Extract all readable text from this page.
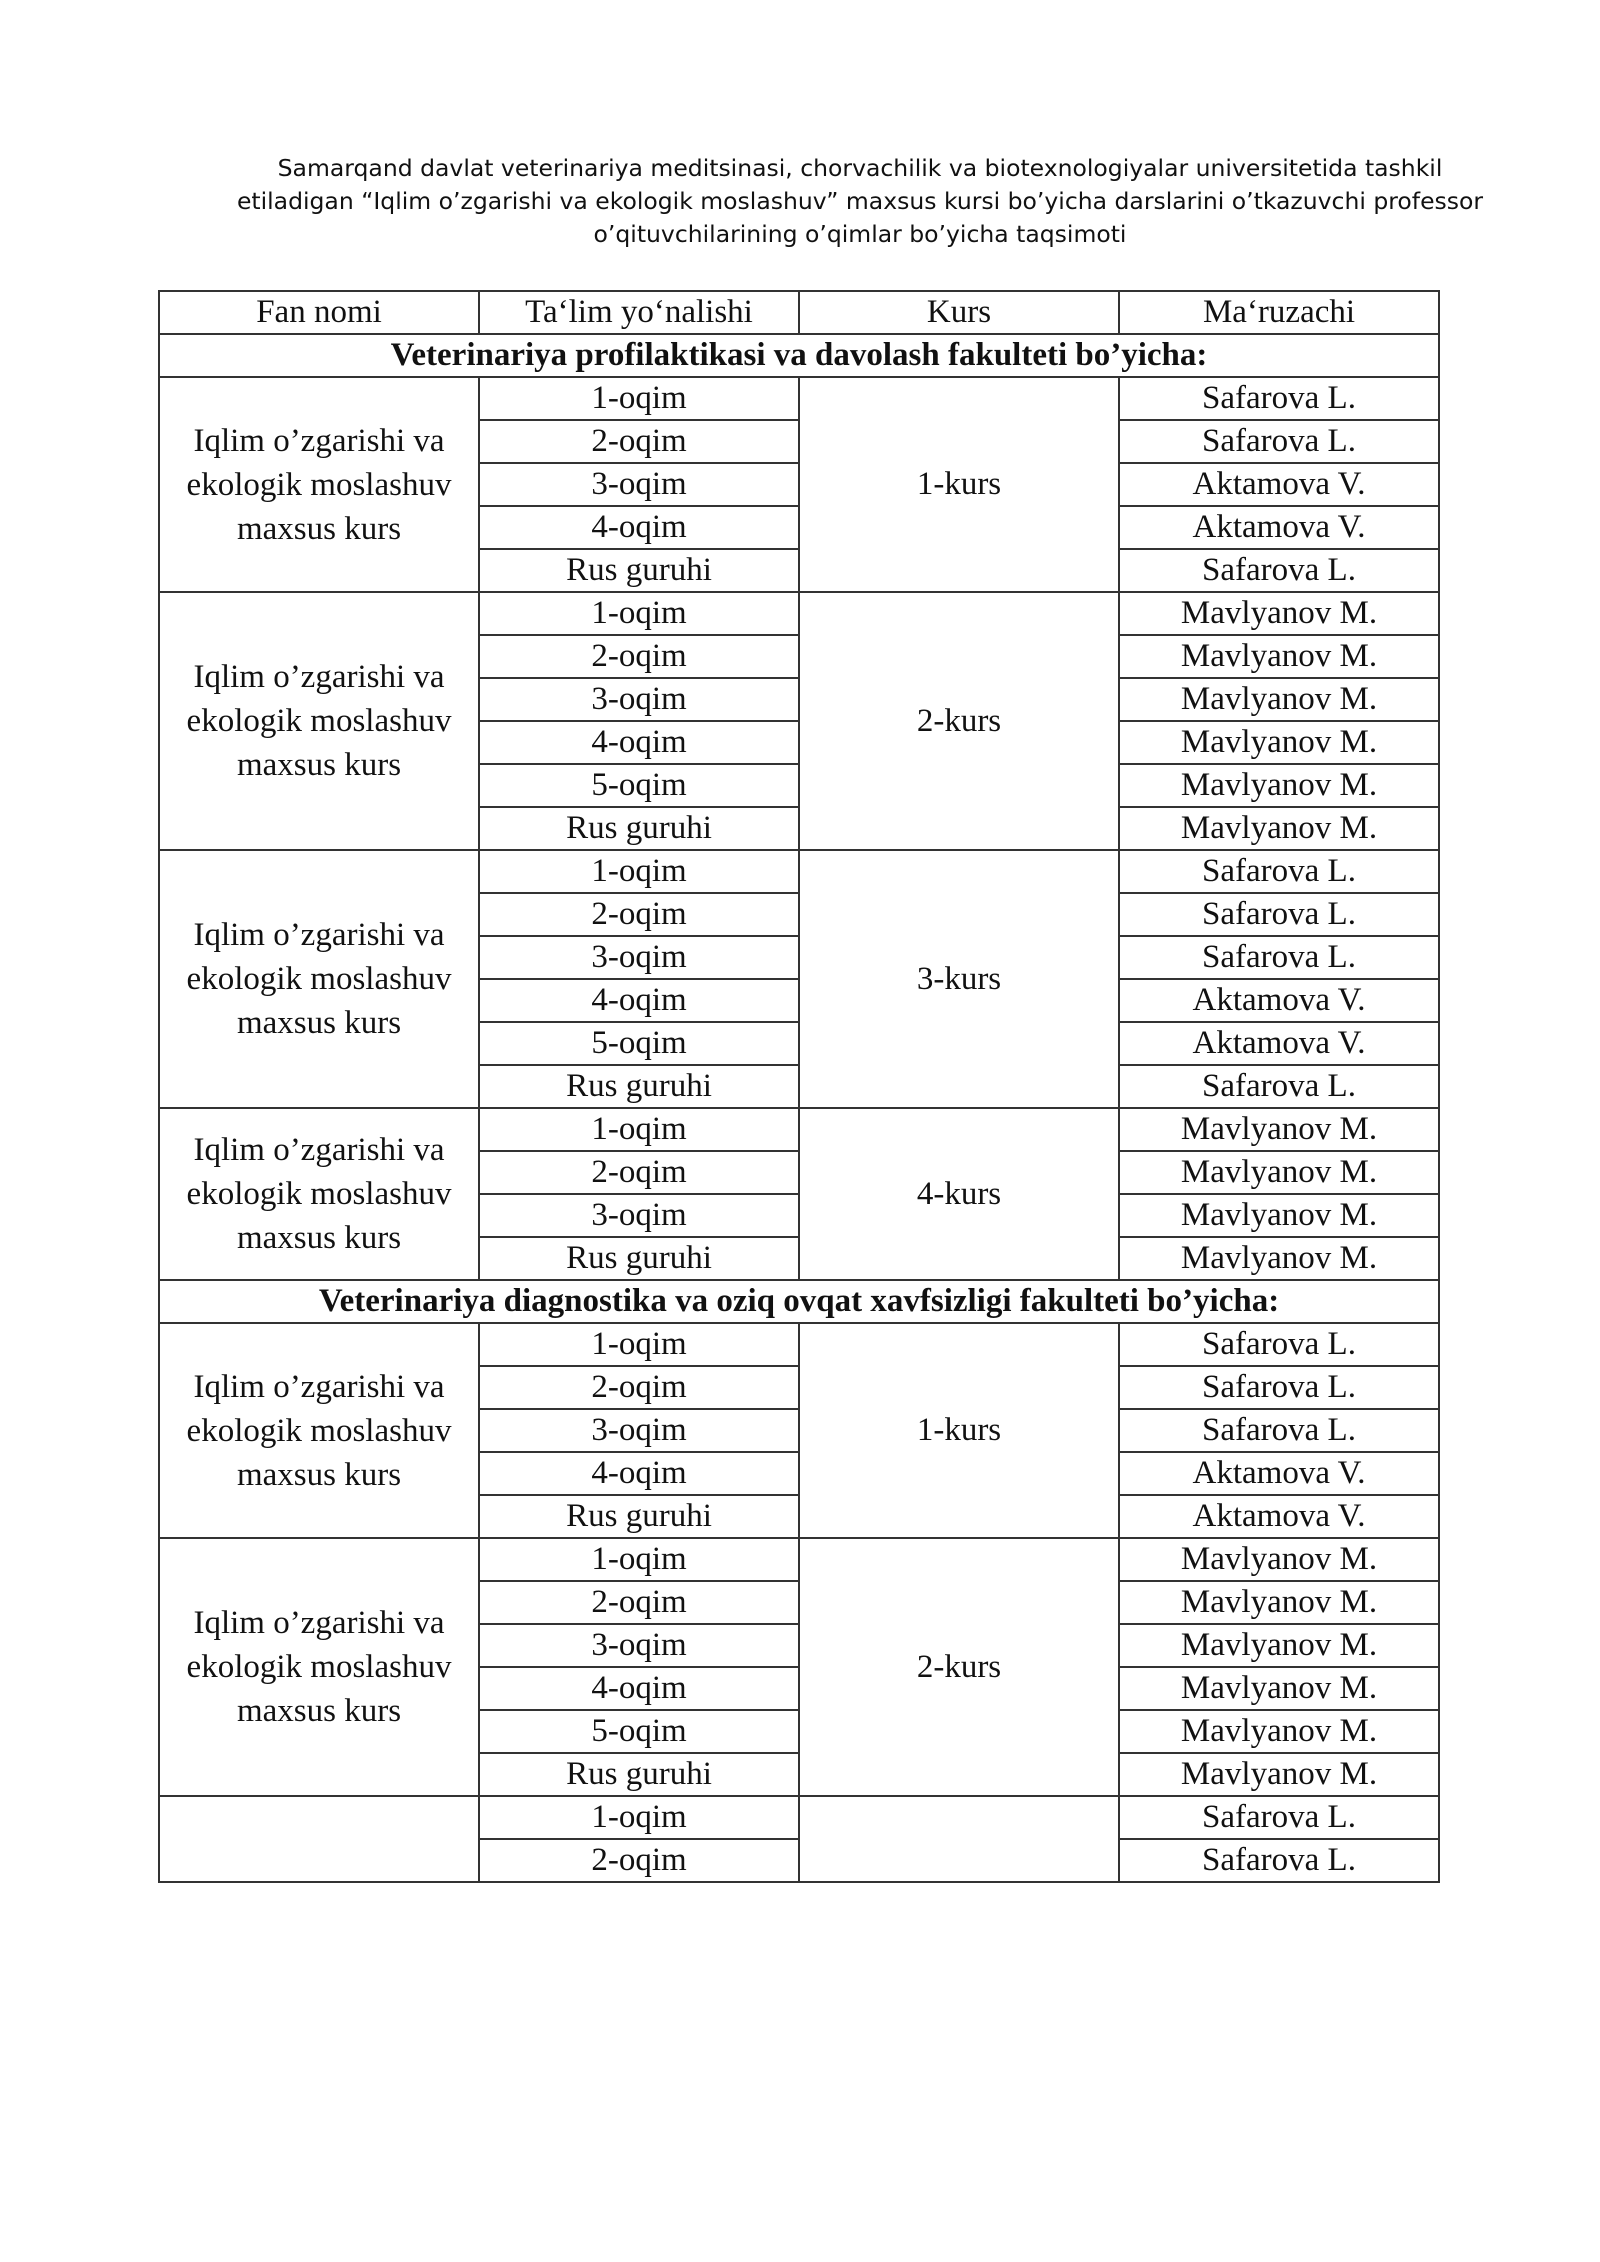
Samarqand davlat veterinariya meditsinasi, chorvachilik va biotexnologiyalar universitetida tashkil
etiladigan “Iqlim o’zgarishi va ekologik moslashuv” maxsus kursi bo’yicha darslarini o’tkazuvchi professor
o’qituvchilarining o’qimlar bo’yicha taqsimoti
Fan nomi	Ta‘lim yo‘nalishi	Kurs	Ma‘ruzachi
Veterinariya profilaktikasi va davolash fakulteti bo’yicha:			
Iqlim o’zgarishi va ekologik moslashuv maxsus kurs	1-oqim	1-kurs	Safarova L.
	2-oqim		Safarova L.
	3-oqim		Aktamova V.
	4-oqim		Aktamova V.
	Rus guruhi		Safarova L.
Iqlim o’zgarishi va ekologik moslashuv maxsus kurs	1-oqim	2-kurs	Mavlyanov M.
	2-oqim		Mavlyanov M.
	3-oqim		Mavlyanov M.
	4-oqim		Mavlyanov M.
	5-oqim		Mavlyanov M.
	Rus guruhi		Mavlyanov M.
Iqlim o’zgarishi va ekologik moslashuv maxsus kurs	1-oqim	3-kurs	Safarova L.
	2-oqim		Safarova L.
	3-oqim		Safarova L.
	4-oqim		Aktamova V.
	5-oqim		Aktamova V.
	Rus guruhi		Safarova L.
Iqlim o’zgarishi va ekologik moslashuv maxsus kurs	1-oqim	4-kurs	Mavlyanov M.
	2-oqim		Mavlyanov M.
	3-oqim		Mavlyanov M.
	Rus guruhi		Mavlyanov M.
Veterinariya diagnostika va oziq ovqat xavfsizligi fakulteti bo’yicha:			
Iqlim o’zgarishi va ekologik moslashuv maxsus kurs	1-oqim	1-kurs	Safarova L.
	2-oqim		Safarova L.
	3-oqim		Safarova L.
	4-oqim		Aktamova V.
	Rus guruhi		Aktamova V.
Iqlim o’zgarishi va ekologik moslashuv maxsus kurs	1-oqim	2-kurs	Mavlyanov M.
	2-oqim		Mavlyanov M.
	3-oqim		Mavlyanov M.
	4-oqim		Mavlyanov M.
	5-oqim		Mavlyanov M.
	Rus guruhi		Mavlyanov M.
	1-oqim		Safarova L.
	2-oqim		Safarova L.
